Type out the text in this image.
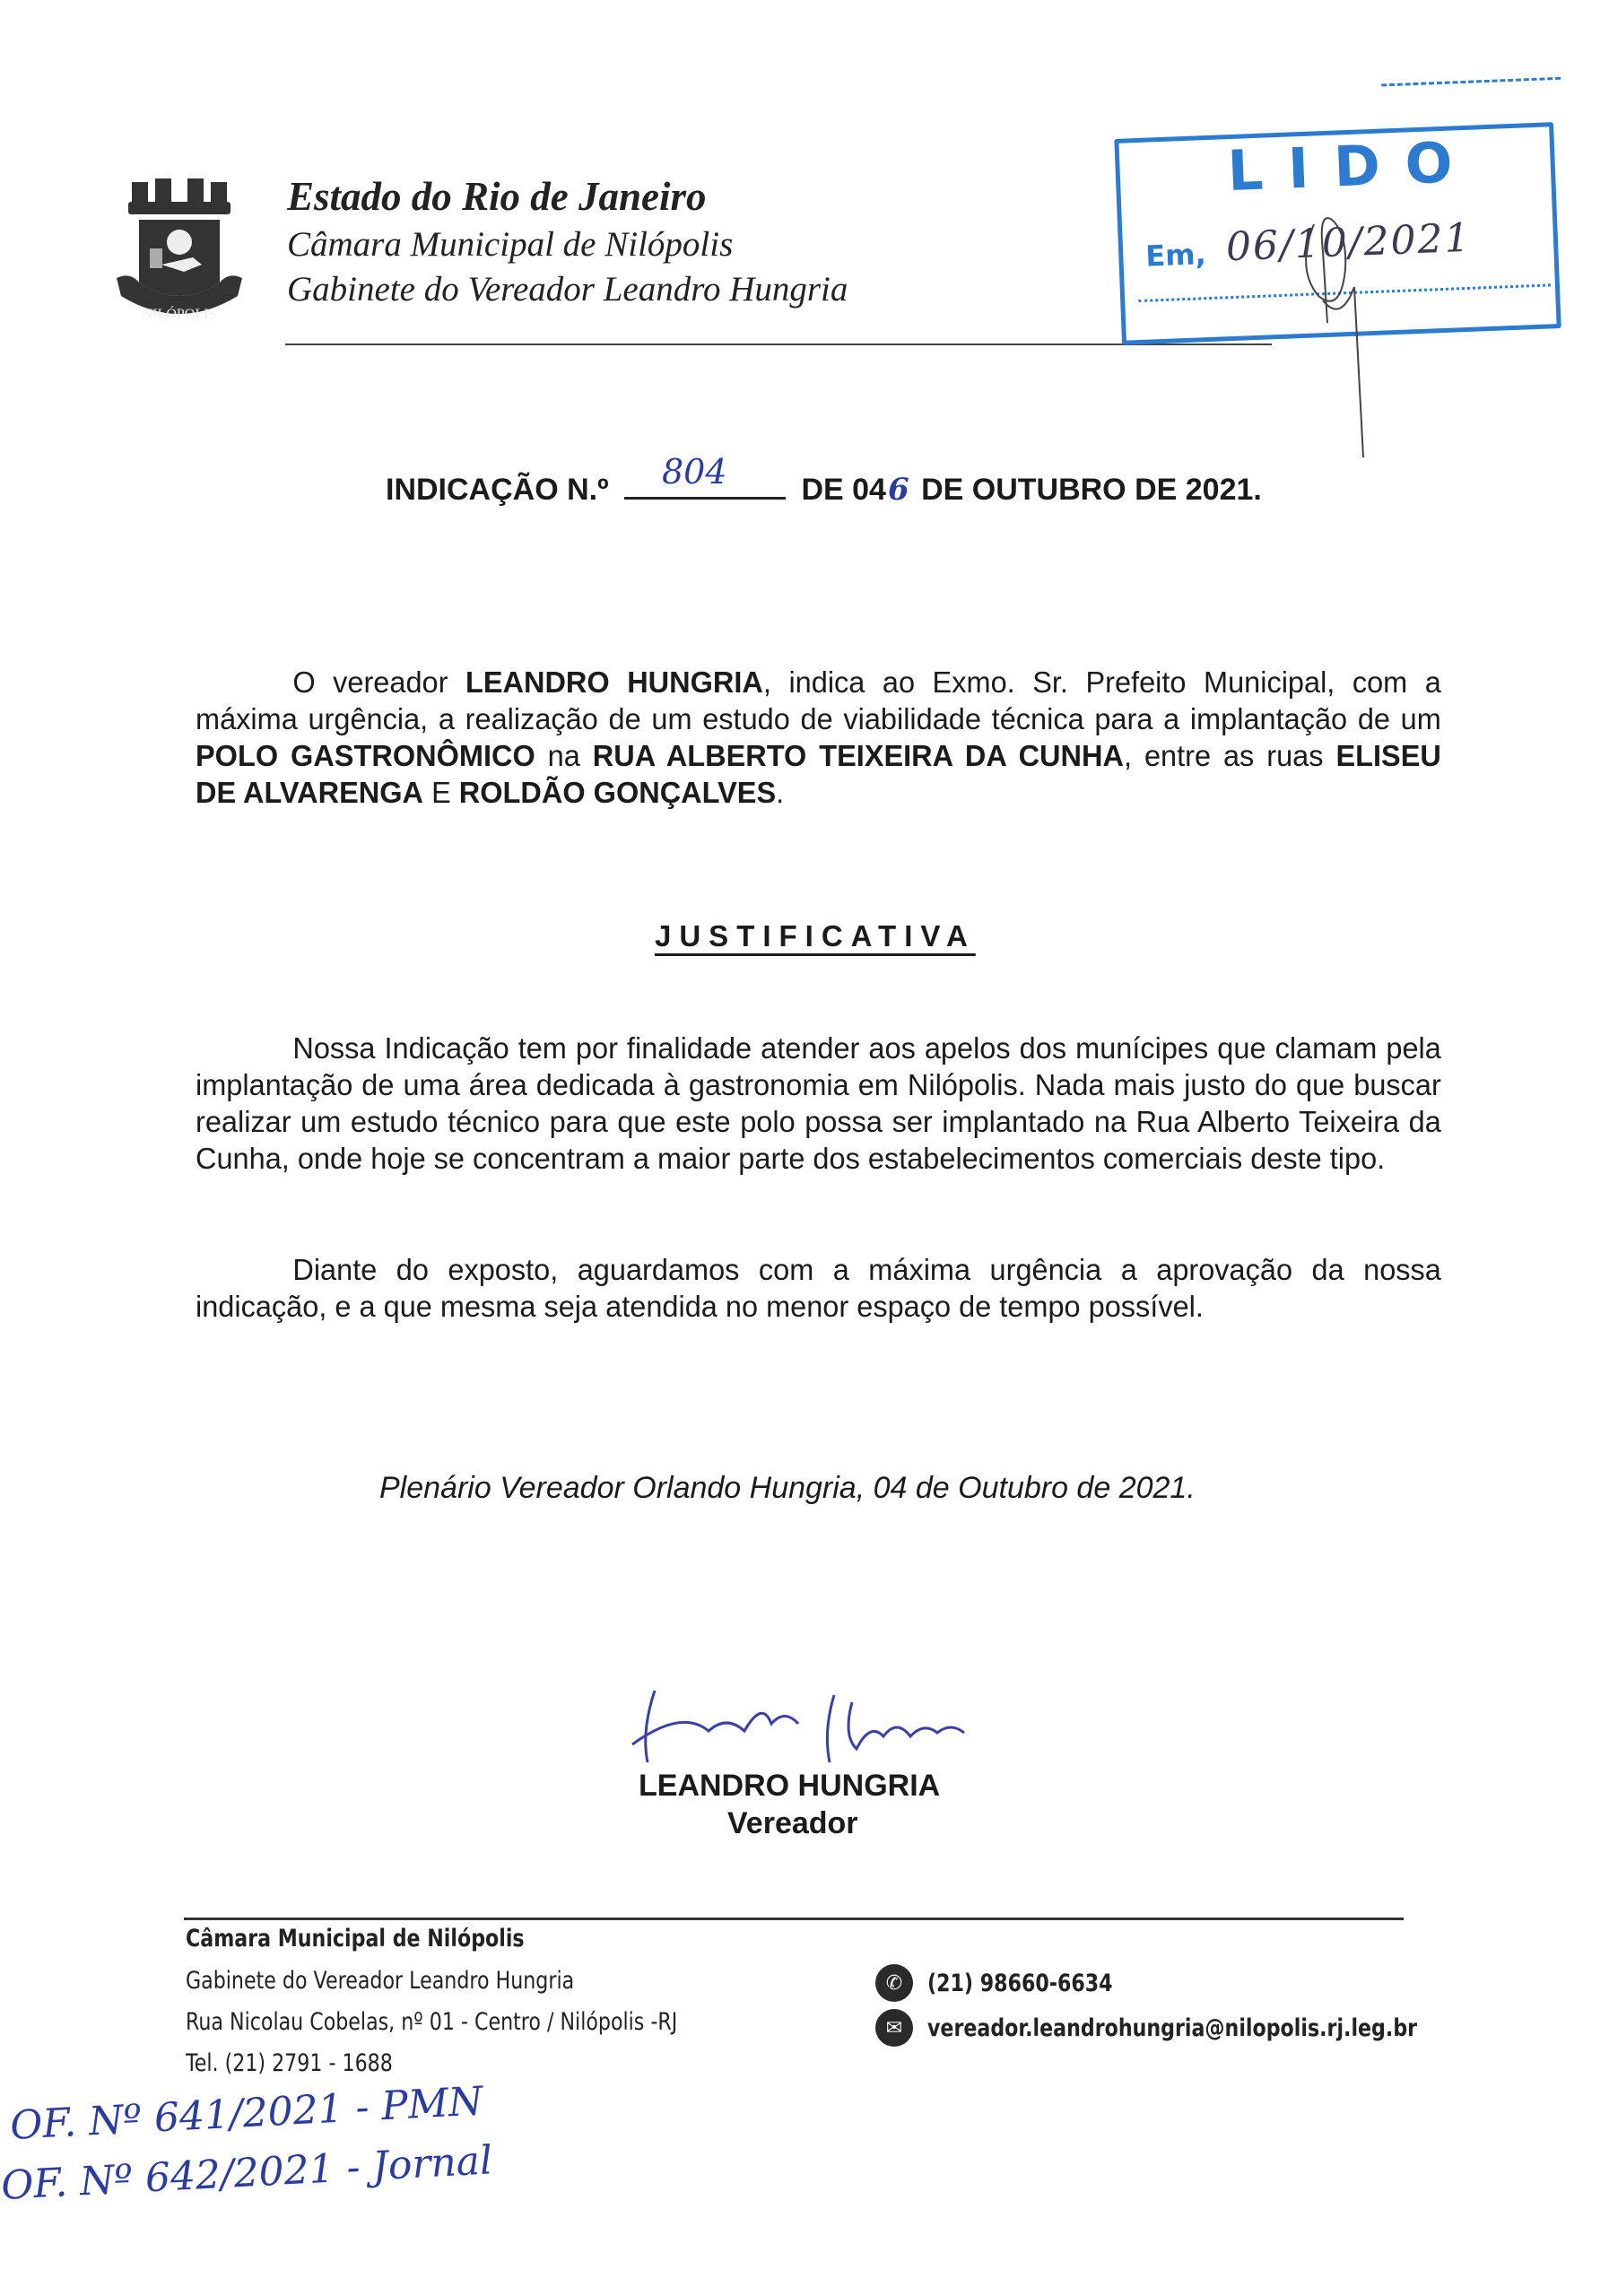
NILÓPOLIS
Estado do Rio de Janeiro
Câmara Municipal de Nilópolis
Gabinete do Vereador Leandro Hungria
LIDO
Em, 06/10/2021
INDICAÇÃO N.º 804 DE 046 DE OUTUBRO DE 2021.
O vereador LEANDRO HUNGRIA, indica ao Exmo. Sr. Prefeito Municipal, com a máxima urgência, a realização de um estudo de viabilidade técnica para a implantação de um POLO GASTRONÔMICO na RUA ALBERTO TEIXEIRA DA CUNHA, entre as ruas ELISEU DE ALVARENGA E ROLDÃO GONÇALVES.
JUSTIFICATIVA
Nossa Indicação tem por finalidade atender aos apelos dos munícipes que clamam pela implantação de uma área dedicada à gastronomia em Nilópolis. Nada mais justo do que buscar realizar um estudo técnico para que este polo possa ser implantado na Rua Alberto Teixeira da Cunha, onde hoje se concentram a maior parte dos estabelecimentos comerciais deste tipo.
Diante do exposto, aguardamos com a máxima urgência a aprovação da nossa indicação, e a que mesma seja atendida no menor espaço de tempo possível.
Plenário Vereador Orlando Hungria, 04 de Outubro de 2021.
LEANDRO HUNGRIA
Vereador
Câmara Municipal de Nilópolis
Gabinete do Vereador Leandro Hungria
Rua Nicolau Cobelas, nº 01 - Centro / Nilópolis -RJ
Tel. (21) 2791 - 1688
✆	(21) 98660-6634
✉	vereador.leandrohungria@nilopolis.rj.leg.br
OF. Nº 641/2021 - PMN
OF. Nº 642/2021 - Jornal
